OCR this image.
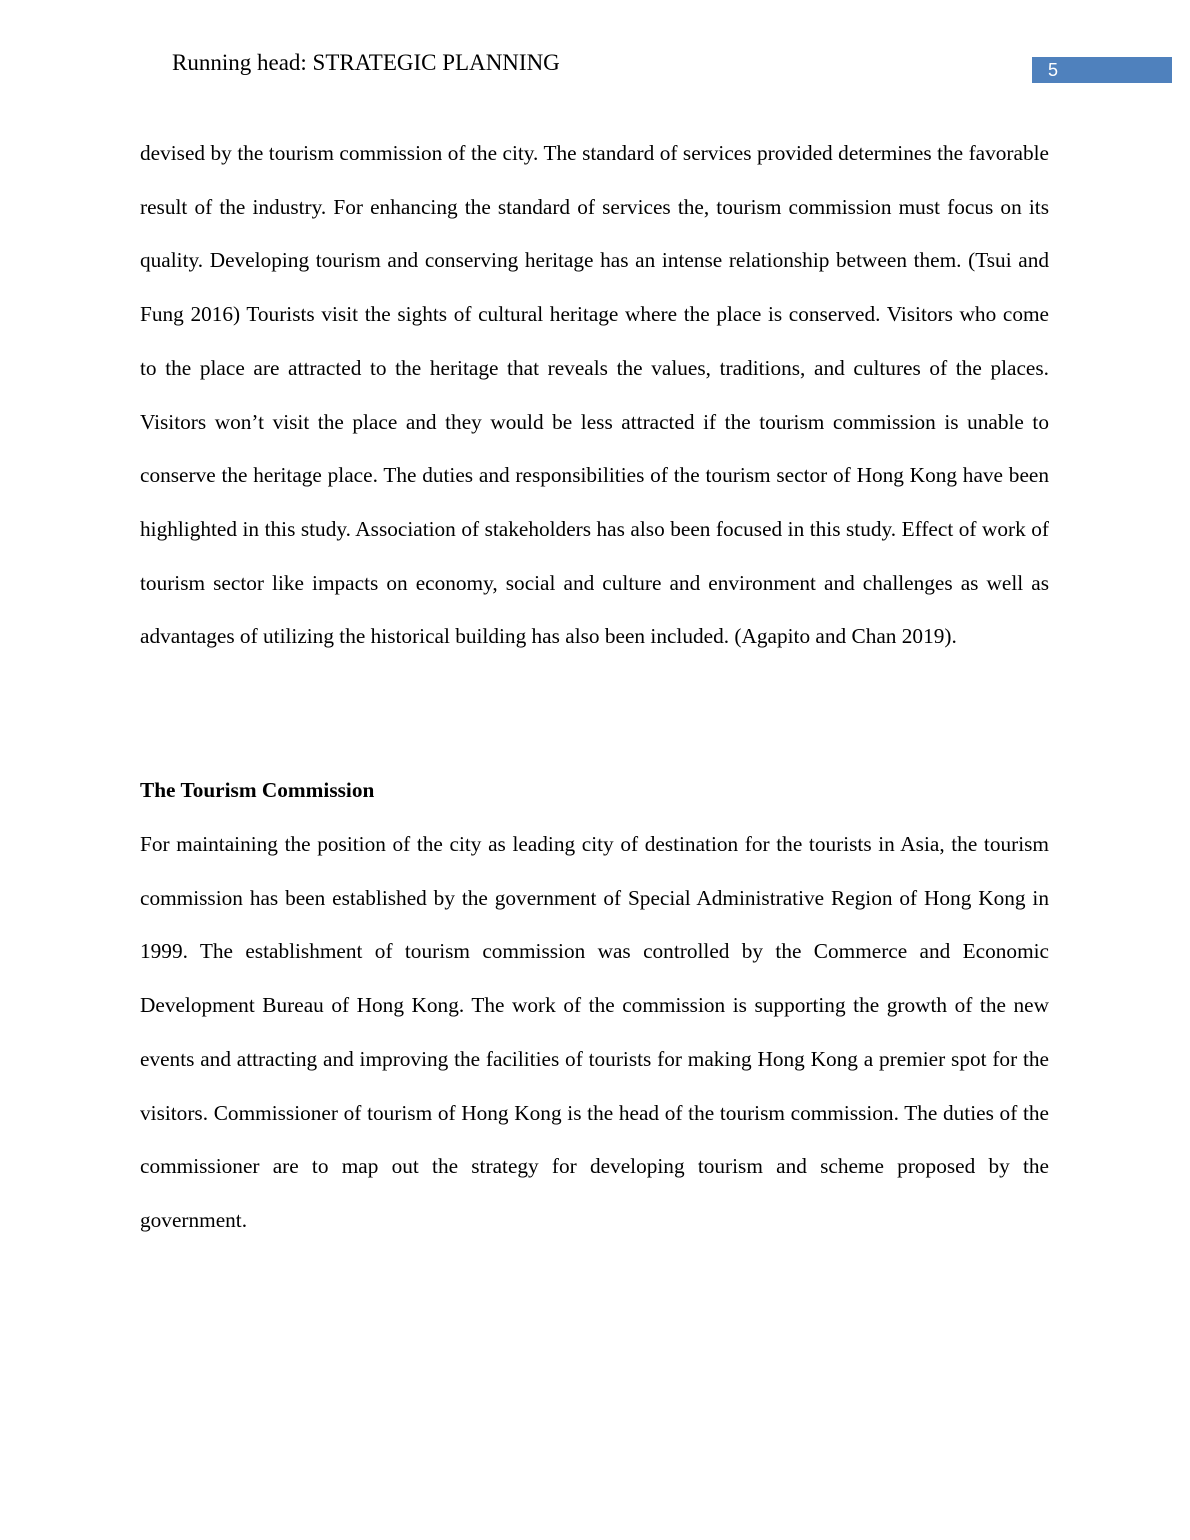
Running head: STRATEGIC PLANNING	5

devised by the tourism commission of the city. The standard of services provided determines the favorable result of the industry. For enhancing the standard of services the, tourism commission must focus on its quality. Developing tourism and conserving heritage has an intense relationship between them. (Tsui and Fung 2016) Tourists visit the sights of cultural heritage where the place is conserved. Visitors who come to the place are attracted to the heritage that reveals the values, traditions, and cultures of the places. Visitors won’t visit the place and they would be less attracted if the tourism commission is unable to conserve the heritage place. The duties and responsibilities of the tourism sector of Hong Kong have been highlighted in this study. Association of stakeholders has also been focused in this study. Effect of work of tourism sector like impacts on economy, social and culture and environment and challenges as well as advantages of utilizing the historical building has also been included. (Agapito and Chan 2019).

The Tourism Commission

For maintaining the position of the city as leading city of destination for the tourists in Asia, the tourism commission has been established by the government of Special Administrative Region of Hong Kong in 1999. The establishment of tourism commission was controlled by the Commerce and Economic Development Bureau of Hong Kong. The work of the commission is supporting the growth of the new events and attracting and improving the facilities of tourists for making Hong Kong a premier spot for the visitors. Commissioner of tourism of Hong Kong is the head of the tourism commission. The duties of the commissioner are to map out the strategy for developing tourism and scheme proposed by the government.
